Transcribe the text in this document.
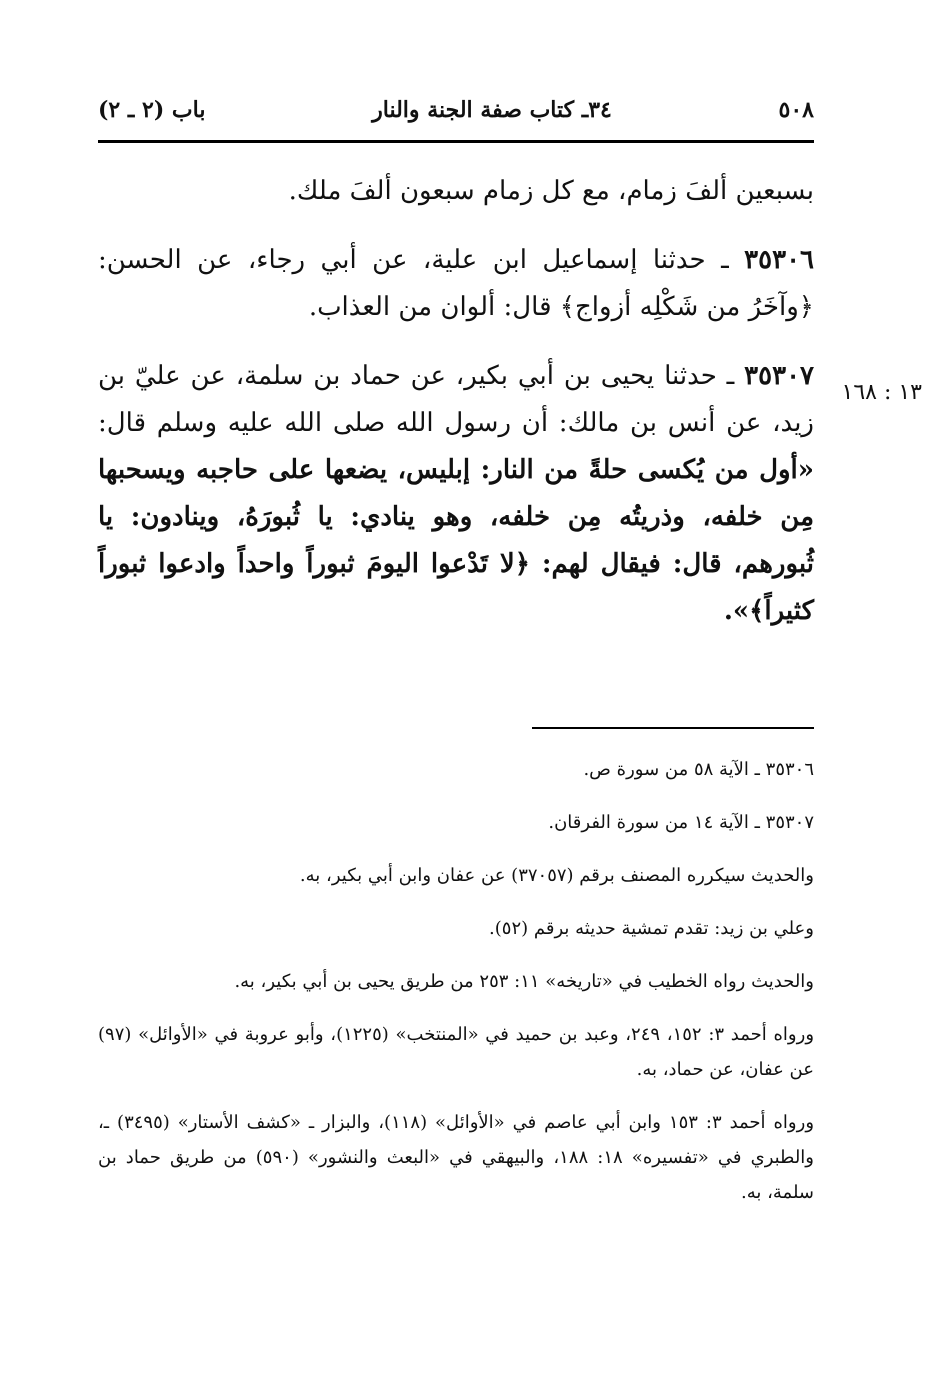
٥٠٨
٣٤ـ كتاب صفة الجنة والنار
باب (٢ ـ ٢)
١٣ : ١٦٨

بسبعين ألفَ زمام، مع كل زمام سبعون ألفَ ملك.

٣٥٣٠٦ ـ حدثنا إسماعيل ابن علية، عن أبي رجاء، عن الحسن: ﴿وآخَرُ من شَكْلِه أزواج﴾ قال: ألوان من العذاب.

٣٥٣٠٧ ـ حدثنا يحيى بن أبي بكير، عن حماد بن سلمة، عن عليّ بن زيد، عن أنس بن مالك: أن رسول الله صلى الله عليه وسلم قال: «أول من يُكسى حلةً من النار: إبليس، يضعها على حاجبه ويسحبها مِن خلفه، وذريتُه مِن خلفه، وهو ينادي: يا ثُبورَهُ، وينادون: يا ثُبورهم، قال: فيقال لهم: ﴿لا تَدْعوا اليومَ ثبوراً واحداً وادعوا ثبوراً كثيراً﴾».

٣٥٣٠٦ ـ الآية ٥٨ من سورة ص.

٣٥٣٠٧ ـ الآية ١٤ من سورة الفرقان.

والحديث سيكرره المصنف برقم (٣٧٠٥٧) عن عفان وابن أبي بكير، به.

وعلي بن زيد: تقدم تمشية حديثه برقم (٥٢).

والحديث رواه الخطيب في «تاريخه» ١١: ٢٥٣ من طريق يحيى بن أبي بكير، به.

ورواه أحمد ٣: ١٥٢، ٢٤٩، وعبد بن حميد في «المنتخب» (١٢٢٥)، وأبو عروبة في «الأوائل» (٩٧) عن عفان، عن حماد، به.

ورواه أحمد ٣: ١٥٣ وابن أبي عاصم في «الأوائل» (١١٨)، والبزار ـ «كشف الأستار» (٣٤٩٥) ـ، والطبري في «تفسيره» ١٨: ١٨٨، والبيهقي في «البعث والنشور» (٥٩٠) من طريق حماد بن سلمة، به.
